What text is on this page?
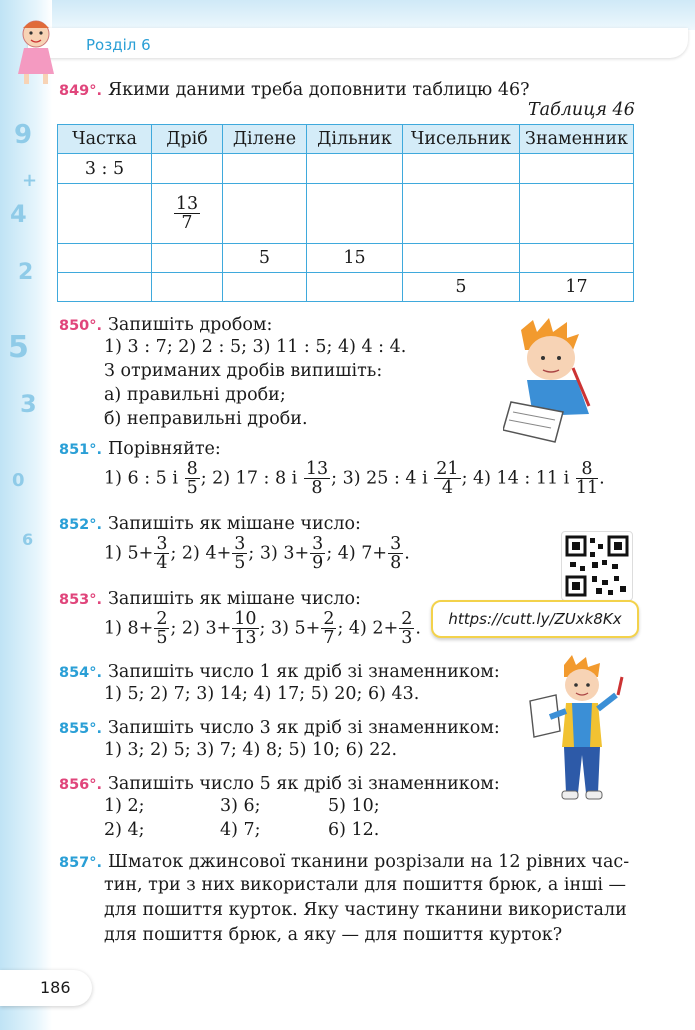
9
+
4
2
5
3
0
6
Розділ 6
849°. Якими даними треба доповнити таблицю 46?
Таблиця 46
Частка	Дріб	Ділене	Дільник	Чисельник	Знаменник
3 : 5					

	$\frac{13}{7}$

		5	15		
				5	17
850°. Запишіть дробом:
1) 3 : 7; 2) 2 : 5; 3) 11 : 5; 4) 4 : 4.
З отриманих дробів випишіть:
а) правильні дроби;
б) неправильні дроби.
851°. Порівняйте:
1) 6 : 5 і $\frac{8}{5}$ ; 2) 17 : 8 і $\frac{13}{8}$ ; 3) 25 : 4 і $\frac{21}{4}$ ; 4) 14 : 11 і $\frac{8}{11}$ .
852°. Запишіть як мішане число:
1) $5+ \frac{3}{4}$ ; 2) $4+ \frac{3}{5}$ ; 3) $3+ \frac{3}{9}$ ; 4) $7+ \frac{3}{8}$ .
853°. Запишіть як мішане число:
1) $8+ \frac{2}{5}$ ; 2) $3+ \frac{10}{13}$ ; 3) $5+ \frac{2}{7}$ ; 4) $2+ \frac{2}{3}$ .	https://cutt.ly/ZUxk8Kx
854°. Запишіть число 1 як дріб зі знаменником:
1) 5; 2) 7; 3) 14; 4) 17; 5) 20; 6) 43.
855°. Запишіть число 3 як дріб зі знаменником:
1) 3; 2) 5; 3) 7; 4) 8; 5) 10; 6) 22.
856°. Запишіть число 5 як дріб зі знаменником:
1) 2;	3) 6;	5) 10;
2) 4;	4) 7;	6) 12.
857°. Шматок джинсової тканини розрізали на 12 рівних час-
тин, три з них використали для пошиття брюк, а інші —
для пошиття курток. Яку частину тканини використали
для пошиття брюк, а яку — для пошиття курток?
186
